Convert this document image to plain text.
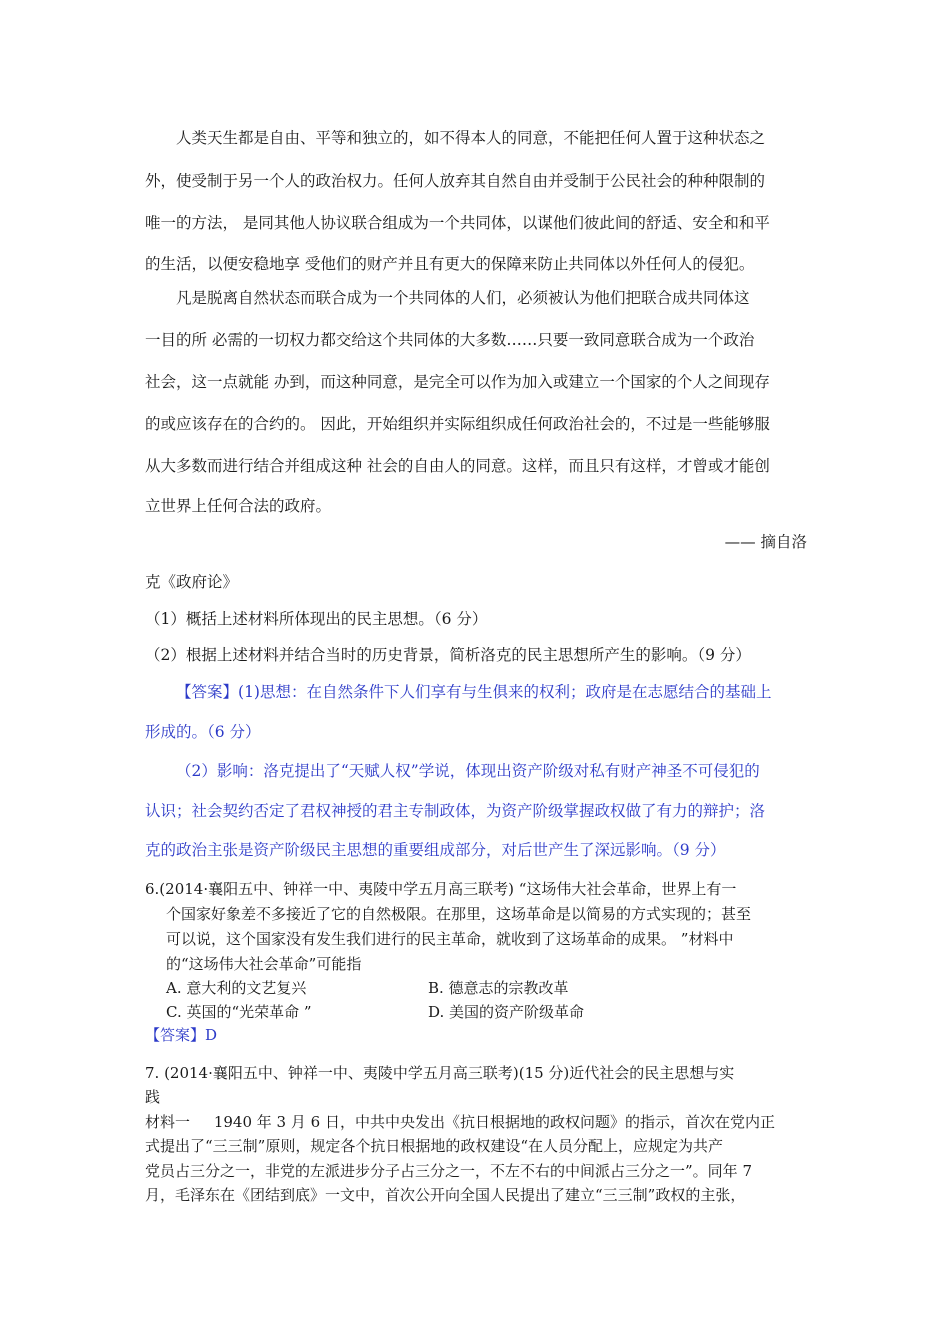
人类天生都是自由、平等和独立的，如不得本人的同意，不能把任何人置于这种状态之
外，使受制于另一个人的政治权力。任何人放弃其自然自由并受制于公民社会的种种限制的
唯一的方法， 是同其他人协议联合组成为一个共同体，以谋他们彼此间的舒适、安全和和平
的生活，以便安稳地享 受他们的财产并且有更大的保障来防止共同体以外任何人的侵犯。
凡是脱离自然状态而联合成为一个共同体的人们，必须被认为他们把联合成共同体这
一目的所 必需的一切权力都交给这个共同体的大多数……只要一致同意联合成为一个政治
社会，这一点就能 办到，而这种同意，是完全可以作为加入或建立一个国家的个人之间现存
的或应该存在的合约的。 因此，开始组织并实际组织成任何政治社会的，不过是一些能够服
从大多数而进行结合并组成这种 社会的自由人的同意。这样，而且只有这样，才曾或才能创
立世界上任何合法的政府。
—— 摘自洛
克《政府论》
（1）概括上述材料所体现出的民主思想。（6 分）
（2）根据上述材料并结合当时的历史背景，简析洛克的民主思想所产生的影响。（9 分）
【答案】(1)思想：在自然条件下人们享有与生俱来的权利；政府是在志愿结合的基础上
形成的。（6 分）
（2）影响：洛克提出了“天赋人权”学说，体现出资产阶级对私有财产神圣不可侵犯的
认识；社会契约否定了君权神授的君主专制政体，为资产阶级掌握政权做了有力的辩护；洛
克的政治主张是资产阶级民主思想的重要组成部分，对后世产生了深远影响。（9 分）
6.(2014·襄阳五中、钟祥一中、夷陵中学五月高三联考) “这场伟大社会革命，世界上有一
个国家好象差不多接近了它的自然极限。在那里，这场革命是以简易的方式实现的；甚至
可以说，这个国家没有发生我们进行的民主革命，就收到了这场革命的成果。 ”材料中
的“这场伟大社会革命”可能指
A. 意大利的文艺复兴	B. 德意志的宗教改革
C. 英国的“光荣革命 ”	D. 美国的资产阶级革命
【答案】D
7. (2014·襄阳五中、钟祥一中、夷陵中学五月高三联考)(15 分)近代社会的民主思想与实
践
材料一     1940 年 3 月 6 日，中共中央发出《抗日根据地的政权问题》的指示，首次在党内正
式提出了“三三制”原则，规定各个抗日根据地的政权建设“在人员分配上，应规定为共产
党员占三分之一，非党的左派进步分子占三分之一，不左不右的中间派占三分之一”。同年 7
月，毛泽东在《团结到底》一文中，首次公开向全国人民提出了建立“三三制”政权的主张，
